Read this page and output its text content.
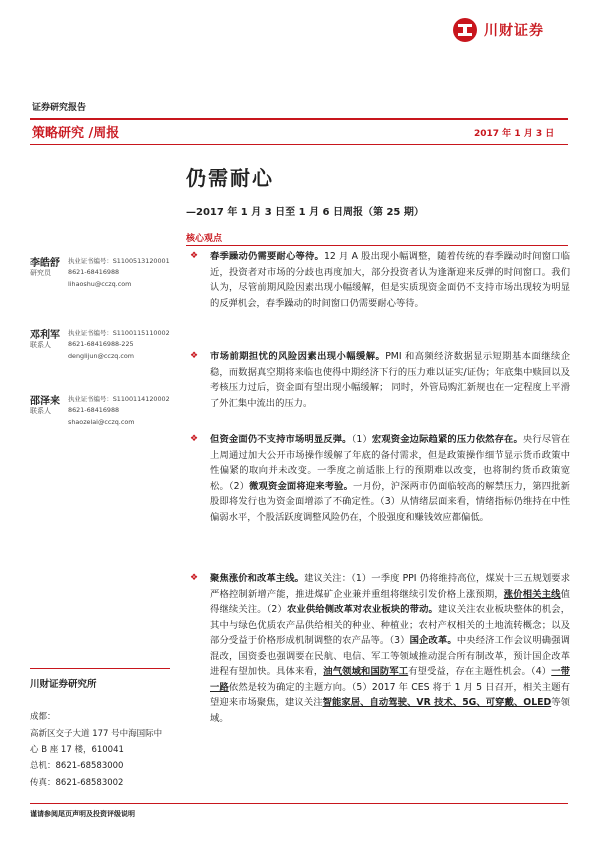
川财证券
证券研究报告
策略研究 /周报	2017 年 1 月 3 日
仍需耐心
—2017 年 1 月 3 日至 1 月 6 日周报（第 25 期）
核心观点
李皓舒
研究员
执业证书编号：S1100513120001
8621-68416988
lihaoshu@cczq.com
邓利军
联系人
执业证书编号：S1100115110002
8621-68416988-225
denglijun@cczq.com
邵泽来
联系人
执业证书编号：S1100114120002
8621-68416988
shaozelai@cczq.com
❖ 春季躁动仍需要耐心等待。12 月 A 股出现小幅调整，随着传统的春季躁动时间窗口临近，投资者对市场的分歧也再度加大，部分投资者认为逢渐迎来反弹的时间窗口。我们认为，尽管前期风险因素出现小幅缓解，但是实质现资金面仍不支持市场出现较为明显的反弹机会，春季躁动的时间窗口仍需要耐心等待。
❖ 市场前期担忧的风险因素出现小幅缓解。PMI 和高频经济数据显示短期基本面继续企稳，而数据真空期将来临也使得中期经济下行的压力难以证实/证伪；年底集中赎回以及考核压力过后，资金面有望出现小幅缓解； 同时，外管局购汇新规也在一定程度上平滑了外汇集中流出的压力。
❖ 但资金面仍不支持市场明显反弹。（1）宏观资金边际趋紧的压力依然存在。央行尽管在上周通过加大公开市场操作缓解了年底的备付需求，但是政策操作细节显示货币政策中性偏紧的取向并未改变。一季度之前适胀上行的预期难以改变，也将制约货币政策宽松。（2）微观资金面将迎来考验。一月份，沪深两市仍面临较高的解禁压力，第四批新股即将发行也为资金面增添了不确定性。（3）从情绪层面来看，情绪指标仍维持在中性偏弱水平，个股活跃度调整风险仍在，个股强度和赚钱效应都偏低。
❖ 聚焦涨价和改革主线。建议关注：（1）一季度 PPI 仍将维持高位，煤炭十三五规划要求严格控制新增产能，推进煤矿企业兼并重组将继续引发价格上涨预期，涨价相关主线值得继续关注。（2）农业供给侧改革对农业板块的带动。建议关注农业板块整体的机会，其中与绿色优质农产品供给相关的种业、种植业；农村产权相关的土地流转概念；以及部分受益于价格形成机制调整的农产品等。（3）国企改革。中央经济工作会议明确强调混改，国资委也强调要在民航、电信、军工等领域推动混合所有制改革，预计国企改革进程有望加快。具体来看，油气领域和国防军工有望受益，存在主题性机会。（4）一带一路依然是较为确定的主题方向。（5）2017 年 CES 将于 1 月 5 日召开，相关主题有望迎来市场聚焦，建议关注智能家居、自动驾驶、VR 技术、5G、可穿戴、OLED等领域。
川财证券研究所
成都：
高新区交子大道 177 号中海国际中
心 B 座 17 楼，610041
总机：8621-68583000
传真：8621-68583002
谨请参阅尾页声明及投资评级说明
